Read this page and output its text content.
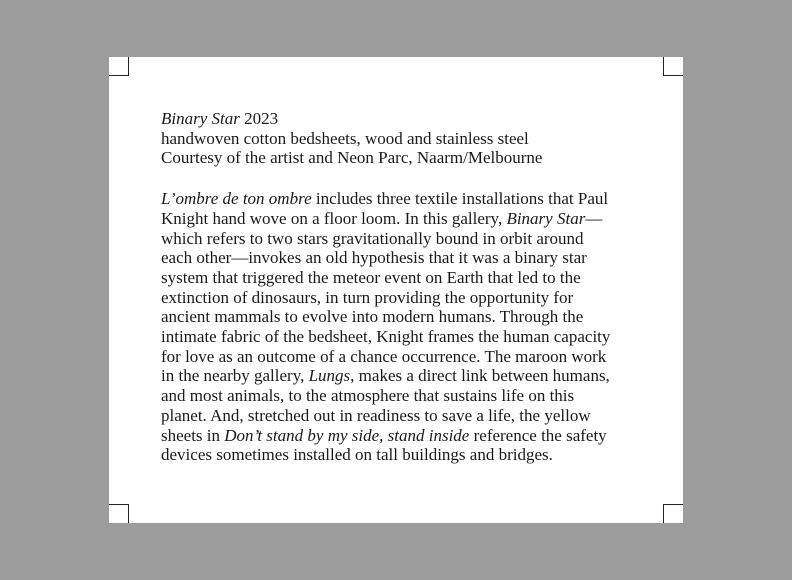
Binary Star 2023
handwoven cotton bedsheets, wood and stainless steel
Courtesy of the artist and Neon Parc, Naarm/Melbourne
L’ombre de ton ombre includes three textile installations that Paul
Knight hand wove on a floor loom. In this gallery, Binary Star—
which refers to two stars gravitationally bound in orbit around
each other—invokes an old hypothesis that it was a binary star
system that triggered the meteor event on Earth that led to the
extinction of dinosaurs, in turn providing the opportunity for
ancient mammals to evolve into modern humans. Through the
intimate fabric of the bedsheet, Knight frames the human capacity
for love as an outcome of a chance occurrence. The maroon work
in the nearby gallery, Lungs, makes a direct link between humans,
and most animals, to the atmosphere that sustains life on this
planet. And, stretched out in readiness to save a life, the yellow
sheets in Don’t stand by my side, stand inside reference the safety
devices sometimes installed on tall buildings and bridges.
